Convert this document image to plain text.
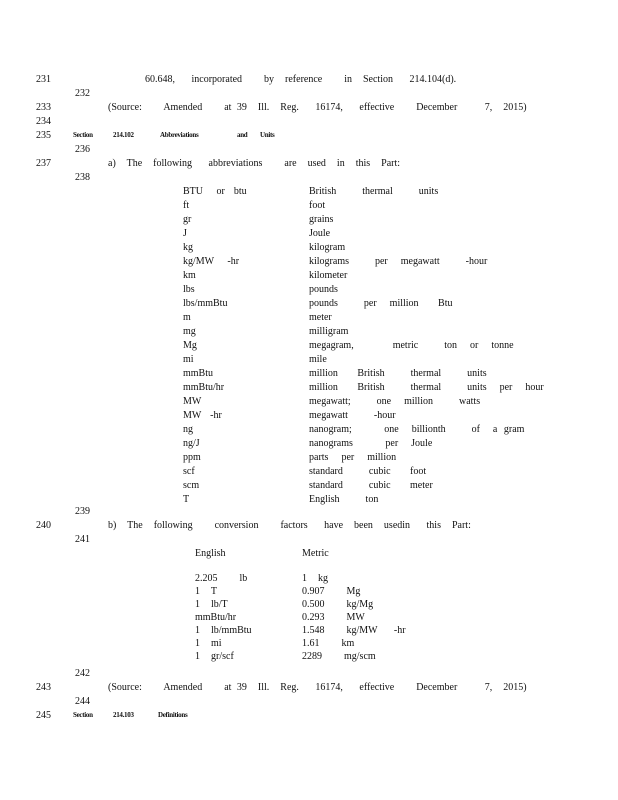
231
232
233
234
235
236
237
238
239
240
241
242
243
244
245
60.648,   incorporated    by  reference    in  Section   214.104(d).
(Source:    Amended    at 39  Ill.  Reg.   16174,   effective    December     7,  2015)
Section	214.102	Abbreviations	and Units
a)  The  following   abbreviations    are  used  in  this  Part:
BTU   or  btu	British    thermal    units
ft	foot
gr	grains
J	Joule
kg	kilogram
kg/MW   -hr	kilograms    per  megawatt    -hour
km	kilometer
lbs	pounds
lbs/mmBtu	pounds    per  million   Btu
m	meter
mg	milligram
Mg	megagram,      metric    ton  or  tonne
mi	mile
mmBtu	million   British    thermal    units
mmBtu/hr	million   British    thermal    units  per  hour
MW	megawatt;    one  million    watts
MW  -hr	megawatt    -hour
ng	nanogram;     one  billionth    of  a gram
ng/J	nanograms     per  Joule
ppm	parts  per  million
scf	standard    cubic   foot
scm	standard    cubic   meter
T	English    ton
b)  The  following    conversion    factors   have  been  usedin   this  Part:
English	Metric
2.205    lb	1  kg
1  T	0.907    Mg
1  lb/T	0.500    kg/Mg
mmBtu/hr	0.293    MW
1  lb/mmBtu	1.548    kg/MW   -hr
1  mi	1.61    km
1  gr/scf	2289    mg/scm
(Source:    Amended    at 39  Ill.  Reg.   16174,   effective    December     7,  2015)
Section	214.103	Definitions
